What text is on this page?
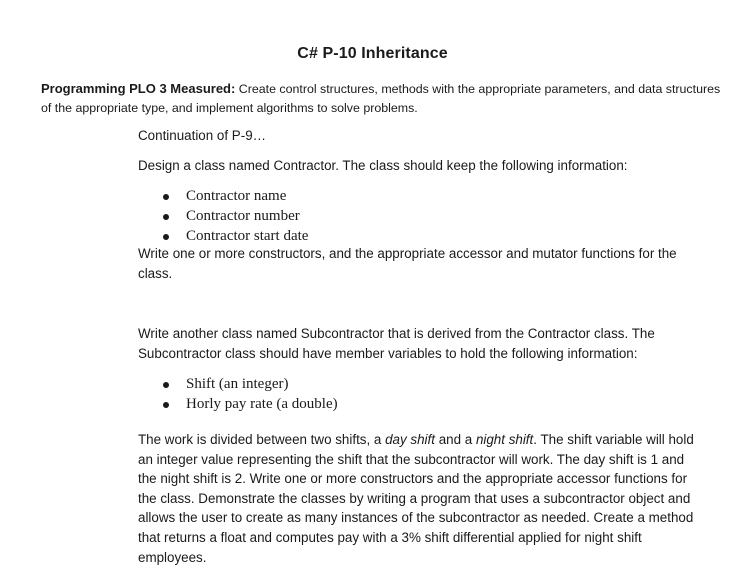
C# P-10 Inheritance
Programming PLO 3 Measured: Create control structures, methods with the appropriate parameters, and data structures of the appropriate type, and implement algorithms to solve problems.
Continuation of P-9…
Design a class named Contractor. The class should keep the following information:
Contractor name
Contractor number
Contractor start date
Write one or more constructors, and the appropriate accessor and mutator functions for the class.
Write another class named Subcontractor that is derived from the Contractor class. The Subcontractor class should have member variables to hold the following information:
Shift (an integer)
Horly pay rate (a double)
The work is divided between two shifts, a day shift and a night shift. The shift variable will hold an integer value representing the shift that the subcontractor will work. The day shift is 1 and the night shift is 2. Write one or more constructors and the appropriate accessor functions for the class. Demonstrate the classes by writing a program that uses a subcontractor object and allows the user to create as many instances of the subcontractor as needed. Create a method that returns a float and computes pay with a 3% shift differential applied for night shift employees.
